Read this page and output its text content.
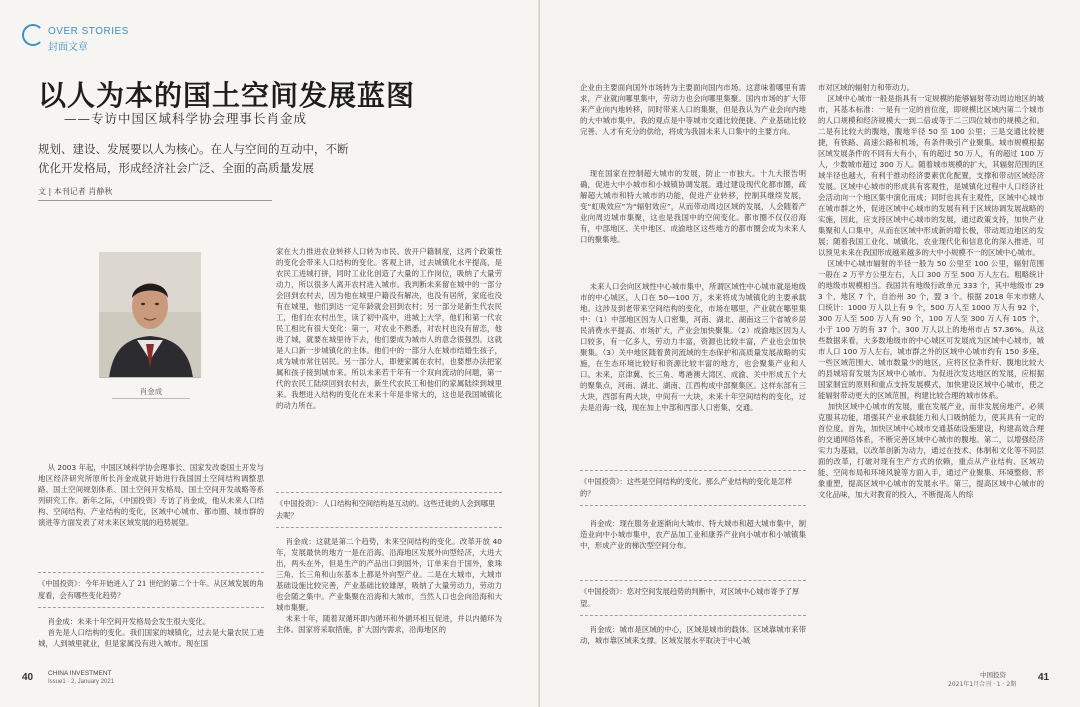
OVER STORIES
封面文章
以人为本的国土空间发展蓝图
——专访中国区域科学协会理事长肖金成
规划、建设、发展要以人为核心。在人与空间的互动中，不断优化开发格局，形成经济社会广泛、全面的高质量发展
文 | 本刊记者 肖静秋
肖金成

从 2003 年起，中国区域科学协会理事长、国家发改委国土开发与地区经济研究所原所长肖金成就开始进行我国国土空间结构调整思路、国土空间规划体系、国土空间开发格局、国土空间开发战略等系列研究工作。新年之际，《中国投资》专访了肖金成，他从未来人口结构、空间结构、产业结构的变化，区域中心城市、都市圈、城市群的演进等方面发表了对未来区域发展的趋势展望。

《中国投资》：今年开始进入了 21 世纪的第二个十年。从区域发展的角度看，会有哪些变化趋势？

肖金成：未来十年空间开发格局会发生很大变化。

首先是人口结构的变化。我们国家的城镇化，过去是大量农民工进城，人到城里就业，但是家属没有进入城市。现在国

家在大力推进农业转移人口转为市民、放开户籍制度，这两个政策性的变化会带来人口结构的变化。客观上讲，过去城镇化水平提高，是农民工进城打拼，同时工业化创造了大量的工作岗位，吸纳了大量劳动力，所以很多人离开农村进入城市。我判断未来留在城中的一部分会回到农村去，因为他在城里户籍没有解决，也没有居所，家庭也没有在城里，他们到达一定年龄就会回到农村；另一部分是新生代农民工，他们在农村出生，读了初中高中，进城上大学，他们和第一代农民工相比有很大变化：第一，对农业不熟悉，对农村也没有留恋，他进了城，就要在城里待下去，他们要成为城市人的意念很强烈。这就是人口新一步城镇化的主体。他们中的一部分人在城市结婚生孩子，成为城市常住居民。另一部分人，即便家属在农村，也要想办法把家属和孩子接到城市来。所以未来若干年有一个双向流动的问题，第一代的农民工陆续回到农村去，新生代农民工和他们的家属陆续到城里来。我想进入结构的变化在未来十年是非常大的，这也是我国城镇化的动力所在。

《中国投资》：人口结构和空间结构是互动的。这些迁徙的人会到哪里去呢？

肖金成：这就是第二个趋势，未来空间结构的变化。改革开放 40 年，发展最快的地方一是在沿海。沿海地区发展外向型经济，大进大出，两头在外，但是生产的产品出口到国外，订单来自于国外，象珠三角、长三角和山东基本上都是外向型产业。二是在大城市，大城市基础设施比较完善，产业基础比较雄厚，吸纳了大量劳动力，劳动力也会随之集中。产业集聚在沿海和大城市，当然人口也会向沿海和大城市集聚。

未来十年，随着双循环即内循环和外循环相互促进，并以内循环为主体。国家将采取措施，扩大国内需求，沿海地区的

40 CHINA INVESTMENT
Issue1 · 2, January 2021

企业由主要面向国外市场转为主要面向国内市场。这意味着哪里有需求，产业就向哪里集中，劳动力也会向哪里集聚。国内市场的扩大带来产业向内地转移，同时带来人口的集聚，但是我认为产业会向内地的大中城市集中。我的观点是中等城市交通比较便捷、产业基础比较完善、人才有充分的供给，将成为我国未来人口集中的主要方向。

现在国家在控制超大城市的发展，防止一市独大。十九大报告明确，促进大中小城市和小城镇协调发展。通过建设现代化都市圈，疏解超大城市和特大城市的功能，促进产业转移，控制其继续发展，变“虹吸效应”为“辐射效应”，从而带动周边区域的发展，人会随着产业向周边城市集聚，这也是我国中的空间变化。都市圈不仅仅沿海有，中部地区、关中地区、成渝地区这些地方的都市圈会成为未来人口的聚集地。

未来人口会向区域性中心城市集中，所谓区域性中心城市就是地级市的中心城区，人口在 50—100 万，未来将成为城镇化的主要承载地。这涉及到老带来空间结构的变化，市场在哪里，产业就在哪里集中：（1）中部地区因为人口密集，河南、湖北、湖南这三个省城乡居民消费水平提高、市场扩大，产业会加快聚集。（2）成渝地区因为人口较多，有一亿多人，劳动力丰富，资源也比较丰富，产业也会加快聚集。（3）关中地区随着黄河流域的生态保护和高质量发展战略的实施，在生态环境比较好和资源比较丰富的地方，也会聚集产业和人口。未来，京津冀、长三角、粤港澳大湾区、成渝、关中形成五个大的聚集点，河南、湖北、湖南、江西构成中部聚集区。这样东部有三大块，西部有两大块，中间有一大块，未来十年空间结构的变化，过去是沿海一线，现在加上中部和西部人口密集、交通。

《中国投资》：这些是空间结构的变化。那么产业结构的变化是怎样的？

肖金成：现在服务业逐渐向大城市、特大城市和超大城市集中，制造业向中小城市集中，农产品加工业和康养产业向小城市和小城镇集中，形成产业的梯次型空间分布。

《中国投资》：您对空间发展趋势的判断中，对区域中心城市寄予了厚望。

肖金成：城市是区域的中心，区域是城市的载体。区域靠城市来带动，城市靠区域来支撑。区域发展水平取决于中心城

市对区域的辐射力和带动力。

区域中心城市一般是指具有一定规模的能够辐射带动周边地区的城市，其基本标准：一是有一定的首位度，即规模比区域内第二个城市的人口规模和经济规模大一到二倍或等于二三四位城市的规模之和。二是有比较大的腹地，腹地半径 50 至 100 公里；三是交通比较便捷，有铁路、高速公路和机场，有条件吸引产业聚集。城市规模根据区域发展条件的不同有大有小，有的超过 50 万人，有的超过 100 万人，少数城市超过 300 万人。随着城市规模的扩大，其辐射范围的区域半径也越大，有利于推动经济要素优化配置，支撑和带动区域经济发展。区域中心城市的形成具有客观性，是城镇化过程中人口经济社会活动向一个地区集中演化而成；同时也具有主观性，区域中心城市在城市群之外，促进区域中心城市的发展有利于区域协调发展战略的实施，因此，应支持区域中心城市的发展，通过政策支持，加快产业集聚和人口集中，从而在区域中形成新的增长极，带动周边地区的发展；随着我国工业化、城镇化、农业现代化和信息化的深入推进，可以预见未来在我国形成越来越多的大中小规模不一的区域中心城市。

区域中心城市辐射的半径一般为 50 公里至 100 公里，辐射范围一般在 2 万平方公里左右，人口 300 万至 500 万人左右。粗略统计的地级市规模相当。我国共有地级行政单元 333 个，其中地级市 293 个，地区 7 个，自治州 30 个，盟 3 个。根据 2018 年末市辖人口统计：1000 万人以上有 9 个，500 万人至 1000 万人有 92 个，300 万人至 500 万人有 90 个，100 万人至 300 万人有 105 个，小于 100 万的有 37 个。300 万人以上的地州市占 57.36%。从这些数据来看，大多数地级市的中心城区可发展成为区域中心城市，城市人口 100 万人左右，城市群之外的区域中心城市约有 150 多座。一些区域范围大、城市数量少的地区，应将区位条件好、腹地比较大的县城培育发展为区域中心城市。为促进次发达地区的发展，应根据国家制宜的原则和重点支持发展模式，加快建设区域中心城市，使之能辐射带动更大的区域范围，构建比较合理的城市体系。

加快区域中心城市的发展，重在发展产业，而非发展房地产。必须克服其功能，增强其产业承载能力和人口吸纳能力，使其具有一定的首位度。首先，加快区域中心城市交通基础设施建设，构建高效合理的交通网络体系，不断完善区域中心城市的腹地。第二，以增强经济实力为基础，以改革创新为动力，通过在技术、体制和文化等不同层面的改革，打破对现有生产方式的依赖，重点从产业结构、区域功能、空间布局和环境风貌等方面入手，通过产业聚集、环境整修、形象重塑，提高区域中心城市的发展水平。第三，提高区域中心城市的文化品味，加大对教育的投入，不断提高人的综

中国投资
2021年1月合刊 · 1 · 2期
41
